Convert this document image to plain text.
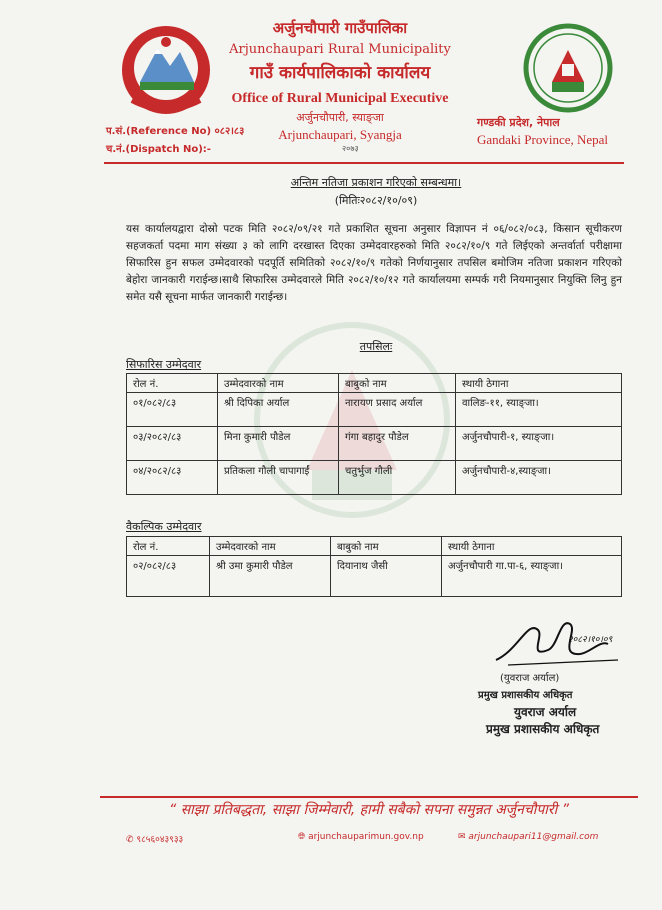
अर्जुनचौपारी गाउँपालिका
Arjunchaupari Rural Municipality
गाउँ कार्यपालिकाको कार्यालय
Office of Rural Municipal Executive
अर्जुनचौपारी, स्याङ्जा
Arjunchaupari, Syangja
२०७३
प.सं.(Reference No) ०८२।८३
च.नं.(Dispatch No):-
गण्डकी प्रदेश, नेपाल
Gandaki Province, Nepal
अन्तिम नतिजा प्रकाशन गरिएको सम्बन्धमा।
(मितिः२०८२/१०/०९)
यस कार्यालयद्वारा दोस्रो पटक मिति २०८२/०९/२१ गते प्रकाशित सूचना अनुसार विज्ञापन नं ०६/०८२/०८३, किसान सूचीकरण सहजकर्ता पदमा माग संख्या ३ को लागि दरखास्त दिएका उम्मेदवारहरुको मिति २०८२/१०/९ गते लिईएको अन्तर्वार्ता परीक्षामा सिफारिस हुन सफल उम्मेदवारको पदपूर्ति समितिको २०८२/१०/९ गतेको निर्णयानुसार तपसिल बमोजिम नतिजा प्रकाशन गरिएको बेहोरा जानकारी गराईन्छ।साथै सिफारिस उम्मेदवारले मिति २०८२/१०/१२ गते कार्यालयमा सम्पर्क गरी नियमानुसार नियुक्ति लिनु हुन समेत यसै सूचना मार्फत जानकारी गराईन्छ।
तपसिलः
सिफारिस उम्मेदवार
रोल नं.	उम्मेदवारको नाम	बाबुको नाम	स्थायी ठेगाना
०१/०८२/८३	श्री दिपिका अर्याल	नारायण प्रसाद अर्याल	वालिङ-११, स्याङ्जा।
०३/२०८२/८३	मिना कुमारी पौडेल	गंगा बहादुर पौडेल	अर्जुनचौपारी-१, स्याङ्जा।
०४/२०८२/८३	प्रतिकला गौली चापागाईं	चतुर्भुज गौली	अर्जुनचौपारी-४,स्याङ्जा।
वैकल्पिक उम्मेदवार
रोल नं.	उम्मेदवारको नाम	बाबुको नाम	स्थायी ठेगाना
०२/०८२/८३	श्री उमा कुमारी पौडेल	दियानाथ जैसी	अर्जुनचौपारी गा.पा-६, स्याङ्जा।
२०८२।१०।०९
(युवराज अर्याल)
प्रमुख प्रशासकीय अधिकृत
युवराज अर्याल
प्रमुख प्रशासकीय अधिकृत
“ साझा प्रतिबद्धता, साझा जिम्मेवारी, हामी सबैको सपना समुन्नत अर्जुनचौपारी ”
✆ ९८५६०४३९३३	🌐︎ arjunchauparimun.gov.np	✉ arjunchaupari11@gmail.com
